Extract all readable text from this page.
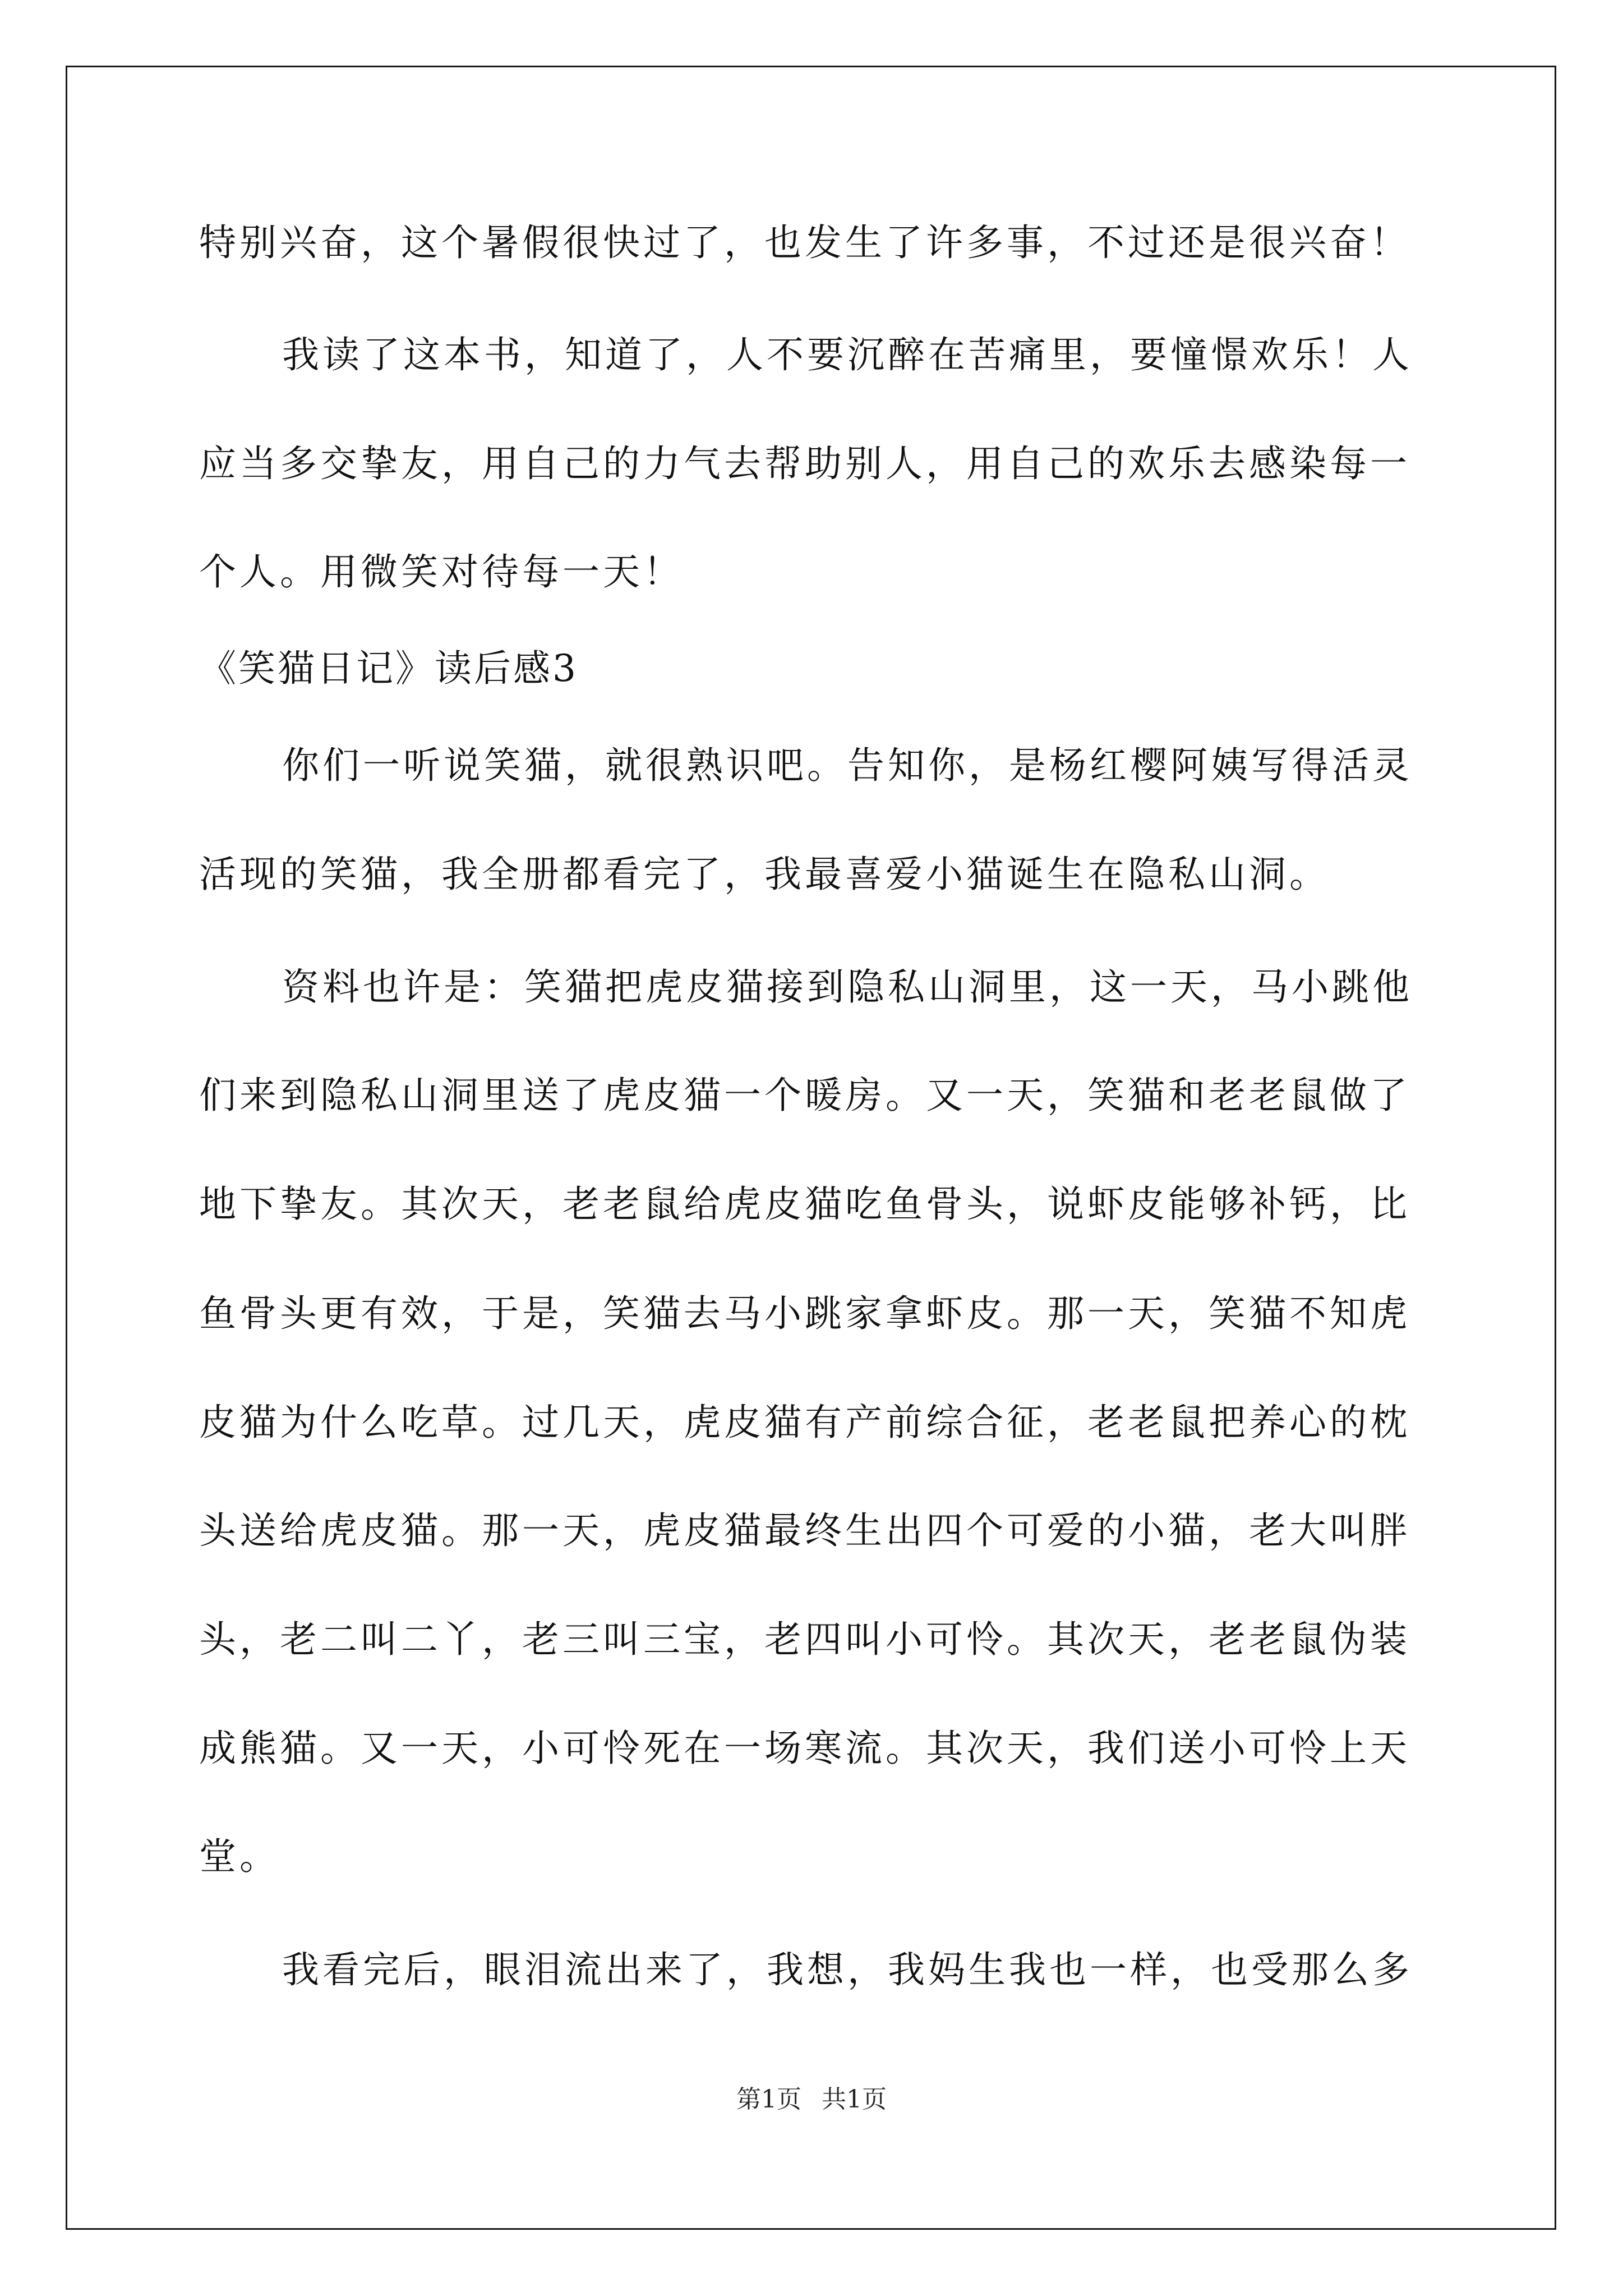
特别兴奋，这个暑假很快过了，也发生了许多事，不过还是很兴奋！
我读了这本书，知道了，人不要沉醉在苦痛里，要憧憬欢乐！人
应当多交挚友，用自己的力气去帮助别人，用自己的欢乐去感染每一
个人。用微笑对待每一天！
《笑猫日记》读后感3
你们一听说笑猫，就很熟识吧。告知你，是杨红樱阿姨写得活灵
活现的笑猫，我全册都看完了，我最喜爱小猫诞生在隐私山洞。
资料也许是：笑猫把虎皮猫接到隐私山洞里，这一天，马小跳他
们来到隐私山洞里送了虎皮猫一个暖房。又一天，笑猫和老老鼠做了
地下挚友。其次天，老老鼠给虎皮猫吃鱼骨头，说虾皮能够补钙，比
鱼骨头更有效，于是，笑猫去马小跳家拿虾皮。那一天，笑猫不知虎
皮猫为什么吃草。过几天，虎皮猫有产前综合征，老老鼠把养心的枕
头送给虎皮猫。那一天，虎皮猫最终生出四个可爱的小猫，老大叫胖
头，老二叫二丫，老三叫三宝，老四叫小可怜。其次天，老老鼠伪装
成熊猫。又一天，小可怜死在一场寒流。其次天，我们送小可怜上天
堂。
我看完后，眼泪流出来了，我想，我妈生我也一样，也受那么多
第1页 共1页
